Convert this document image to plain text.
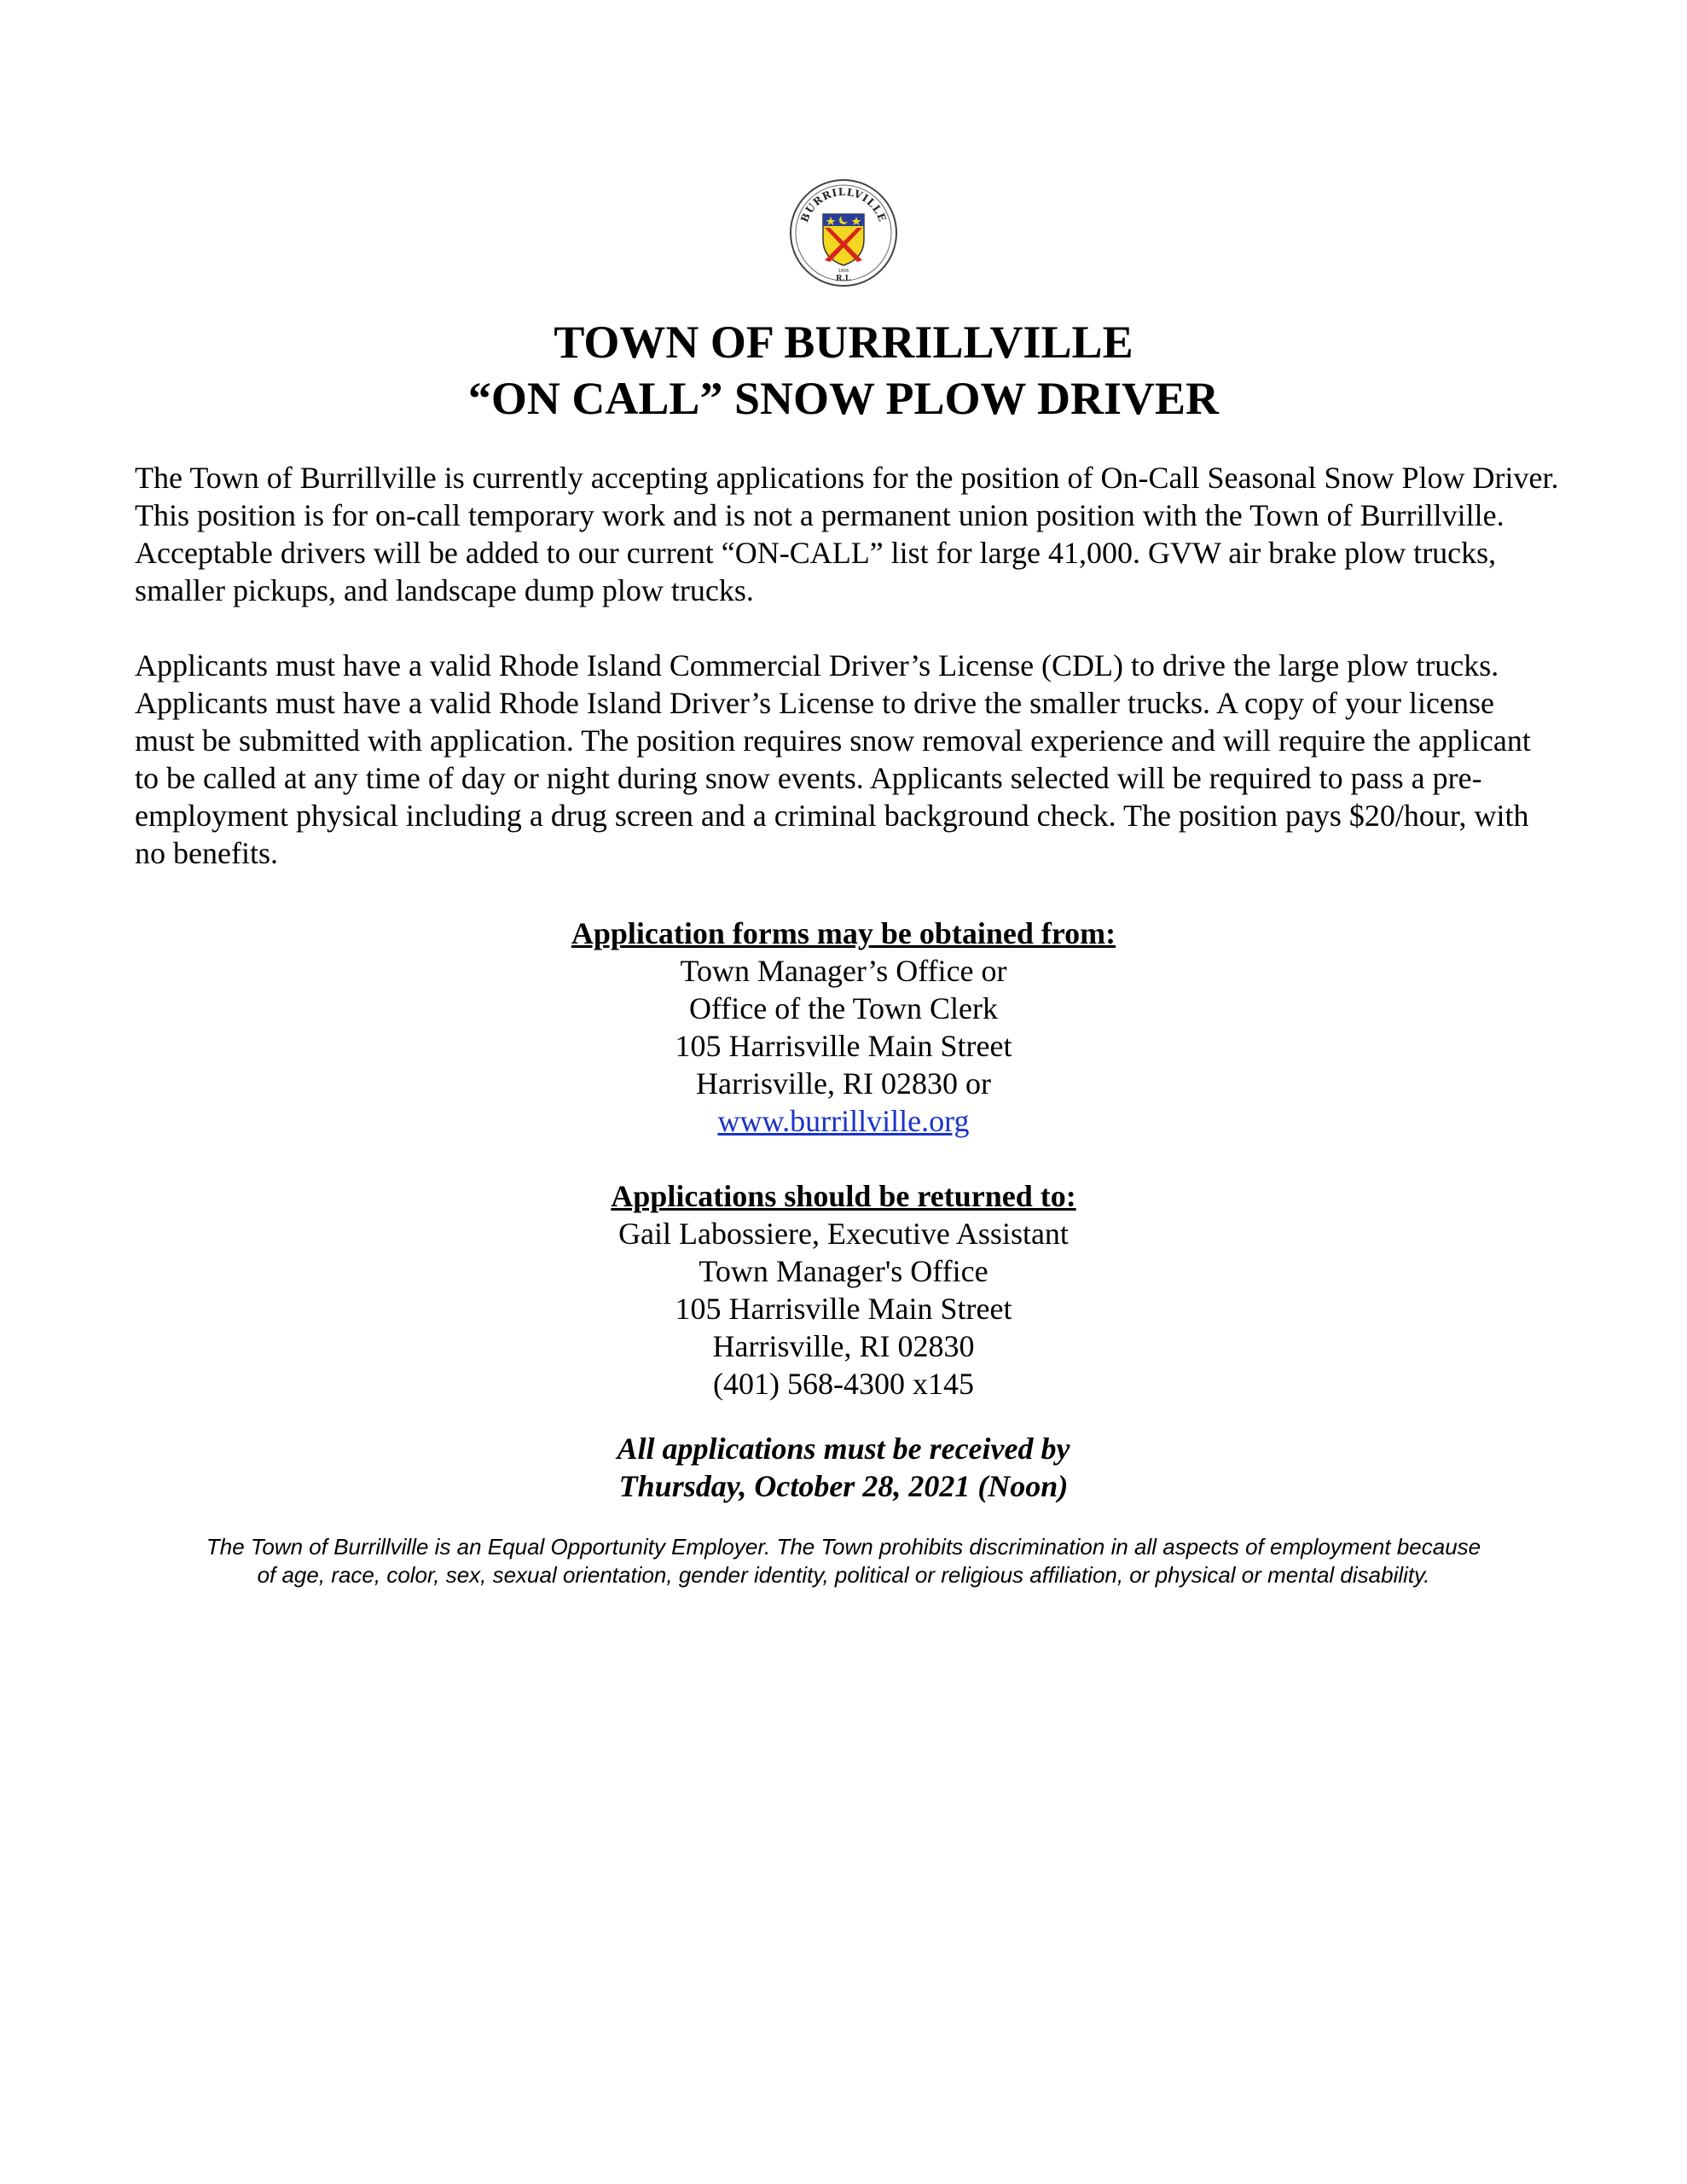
BURRILLVILLE
R.I.
1806
TOWN OF BURRILLVILLE
“ON CALL” SNOW PLOW DRIVER

The Town of Burrillville is currently accepting applications for the position of On-Call Seasonal Snow Plow Driver. This position is for on-call temporary work and is not a permanent union position with the Town of Burrillville. Acceptable drivers will be added to our current “ON-CALL” list for large 41,000. GVW air brake plow trucks, smaller pickups, and landscape dump plow trucks.

Applicants must have a valid Rhode Island Commercial Driver’s License (CDL) to drive the large plow trucks. Applicants must have a valid Rhode Island Driver’s License to drive the smaller trucks. A copy of your license must be submitted with application. The position requires snow removal experience and will require the applicant to be called at any time of day or night during snow events. Applicants selected will be required to pass a pre-employment physical including a drug screen and a criminal background check. The position pays $20/hour, with no benefits.

Application forms may be obtained from:
Town Manager’s Office or
Office of the Town Clerk
105 Harrisville Main Street
Harrisville, RI 02830 or
www.burrillville.org
Applications should be returned to:
Gail Labossiere, Executive Assistant
Town Manager's Office
105 Harrisville Main Street
Harrisville, RI 02830
(401) 568-4300 x145
All applications must be received by
Thursday, October 28, 2021 (Noon)
The Town of Burrillville is an Equal Opportunity Employer. The Town prohibits discrimination in all aspects of employment because
of age, race, color, sex, sexual orientation, gender identity, political or religious affiliation, or physical or mental disability.
